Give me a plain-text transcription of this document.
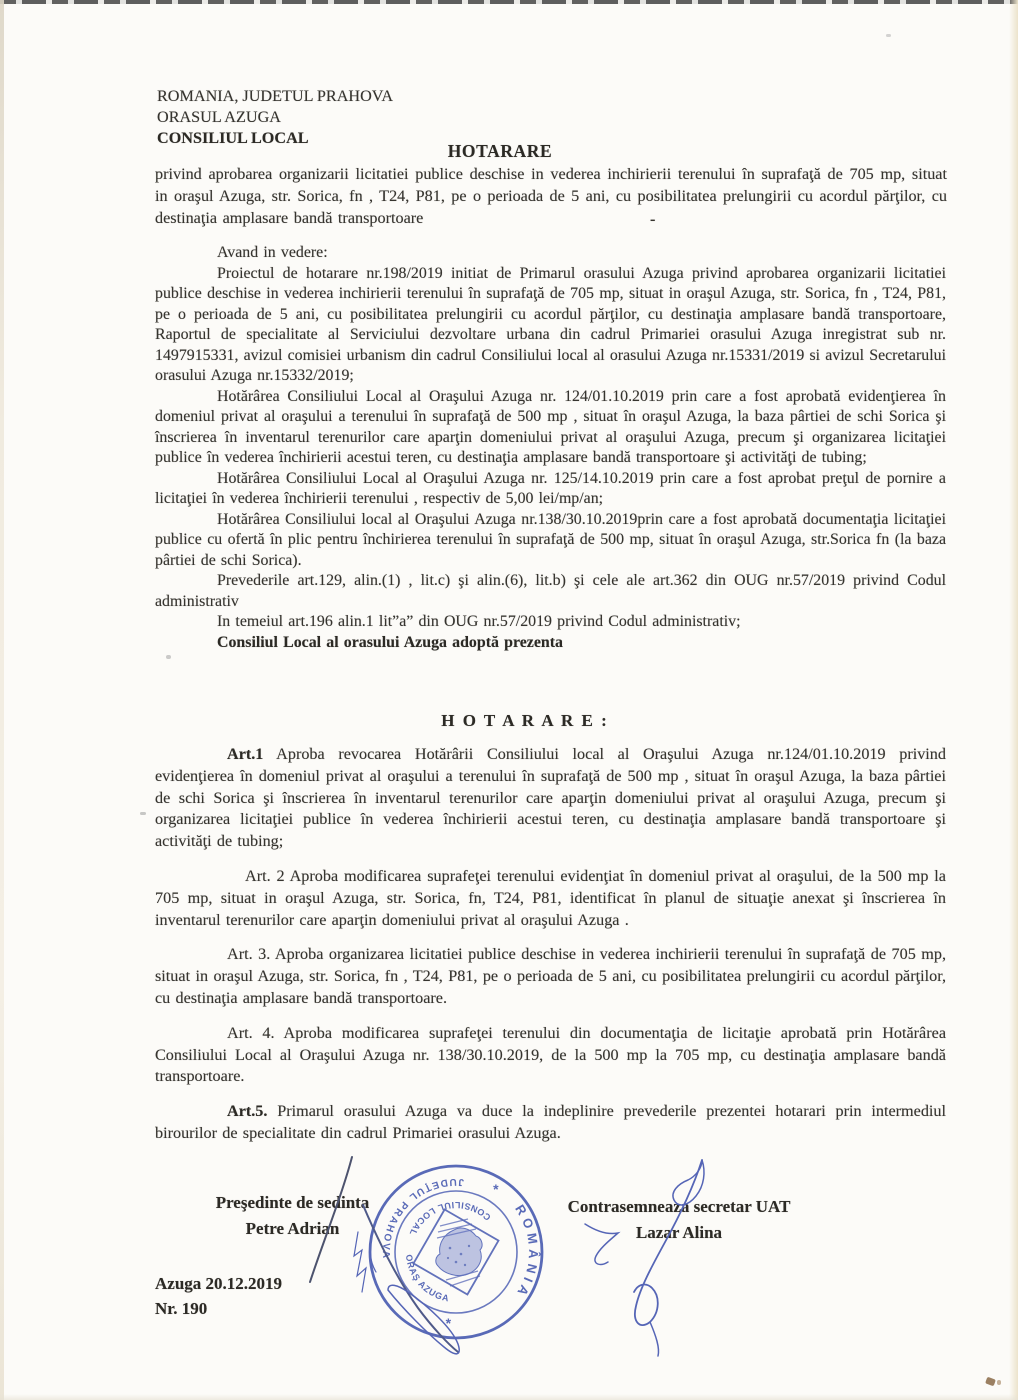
ROMANIA, JUDETUL PRAHOVA
ORASUL AZUGA
CONSILIUL LOCAL
HOTARARE
privind aprobarea organizarii licitatiei publice deschise in vederea inchirierii terenului în suprafaţă de 705 mp, situat in oraşul Azuga, str. Sorica, fn , T24, P81, pe o perioada de 5 ani, cu posibilitatea prelungirii cu acordul părţilor, cu destinaţia amplasare bandă transportoare	-

Avand in vedere:

Proiectul de hotarare nr.198/2019 initiat de Primarul orasului Azuga privind aprobarea organizarii licitatiei publice deschise in vederea inchirierii terenului în suprafaţă de 705 mp, situat in oraşul Azuga, str. Sorica, fn , T24, P81, pe o perioada de 5 ani, cu posibilitatea prelungirii cu acordul părţilor, cu destinaţia amplasare bandă transportoare, Raportul de specialitate al Serviciului dezvoltare urbana din cadrul Primariei orasului Azuga inregistrat sub nr. 1497915331, avizul comisiei urbanism din cadrul Consiliului local al orasului Azuga nr.15331/2019 si avizul Secretarului orasului Azuga nr.15332/2019;

Hotărârea Consiliului Local al Oraşului Azuga nr. 124/01.10.2019 prin care a fost aprobată evidenţierea în domeniul privat al oraşului a terenului în suprafaţă de 500 mp , situat în oraşul Azuga, la baza pârtiei de schi Sorica şi înscrierea în inventarul terenurilor care aparţin domeniului privat al oraşului Azuga, precum şi organizarea licitaţiei publice în vederea închirierii acestui teren, cu destinaţia amplasare bandă transportoare şi activităţi de tubing;

Hotărârea Consiliului Local al Oraşului Azuga nr. 125/14.10.2019 prin care a fost aprobat preţul de pornire a licitaţiei în vederea închirierii terenului , respectiv de 5,00 lei/mp/an;

Hotărârea Consiliului local al Oraşului Azuga nr.138/30.10.2019prin care a fost aprobată documentaţia licitaţiei publice cu ofertă în plic pentru închirierea terenului în suprafaţă de 500 mp, situat în oraşul Azuga, str.Sorica fn (la baza pârtiei de schi Sorica).

Prevederile art.129, alin.(1) , lit.c) şi alin.(6), lit.b) şi cele ale art.362 din OUG nr.57/2019 privind Codul administrativ

In temeiul art.196 alin.1 lit”a” din OUG nr.57/2019 privind Codul administrativ;

Consiliul Local al orasului Azuga adoptă prezenta

H O T A R A R E :

Art.1 Aproba revocarea Hotărârii Consiliului local al Oraşului Azuga nr.124/01.10.2019 privind evidenţierea în domeniul privat al oraşului a terenului în suprafaţă de 500 mp , situat în oraşul Azuga, la baza pârtiei de schi Sorica şi înscrierea în inventarul terenurilor care aparţin domeniului privat al oraşului Azuga, precum şi organizarea licitaţiei publice în vederea închirierii acestui teren, cu destinaţia amplasare bandă transportoare şi activităţi de tubing;

Art. 2 Aproba modificarea suprafeţei terenului evidenţiat în domeniul privat al oraşului, de la 500 mp la 705 mp, situat in oraşul Azuga, str. Sorica, fn, T24, P81, identificat în planul de situaţie anexat şi înscrierea în inventarul terenurilor care aparţin domeniului privat al oraşului Azuga .

Art. 3. Aproba organizarea licitatiei publice deschise in vederea inchirierii terenului în suprafaţă de 705 mp, situat in oraşul Azuga, str. Sorica, fn , T24, P81, pe o perioada de 5 ani, cu posibilitatea prelungirii cu acordul părţilor, cu destinaţia amplasare bandă transportoare.

Art. 4. Aproba modificarea suprafeţei terenului din documentaţia de licitaţie aprobată prin Hotărârea Consiliului Local al Oraşului Azuga nr. 138/30.10.2019, de la 500 mp la 705 mp, cu destinaţia amplasare bandă transportoare.

Art.5. Primarul orasului Azuga va duce la indeplinire prevederile prezentei hotarari prin intermediul birourilor de specialitate din cadrul Primariei orasului Azuga.

Preşedinte de sedinta
Petre Adrian
Contrasemneaza secretar UAT
Lazar Alina
Azuga 20.12.2019
Nr. 190
JUDEŢUL PRAHOVA
ROMÂNIA
CONSILIUL LOCAL
ORAŞ AZUGA
*
*
